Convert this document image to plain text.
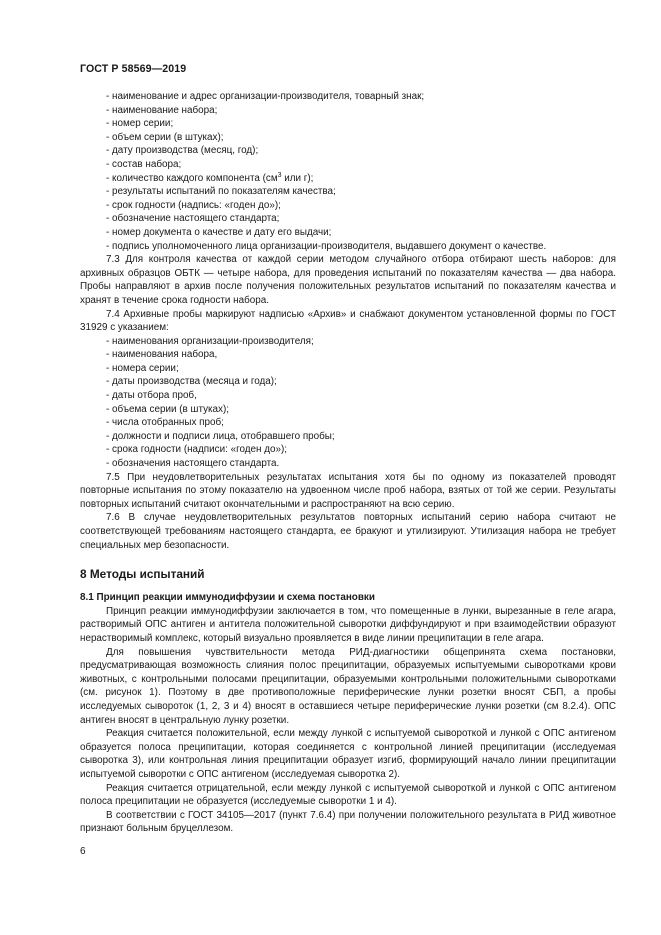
ГОСТ Р 58569—2019
- наименование и адрес организации-производителя, товарный знак;
- наименование набора;
- номер серии;
- объем серии (в штуках);
- дату производства (месяц, год);
- состав набора;
- количество каждого компонента ($см^3$ или г);
- результаты испытаний по показателям качества;
- срок годности (надпись: «годен до»);
- обозначение настоящего стандарта;
- номер документа о качестве и дату его выдачи;
- подпись уполномоченного лица организации-производителя, выдавшего документ о качестве.
7.3 Для контроля качества от каждой серии методом случайного отбора отбирают шесть наборов: для архивных образцов ОБТК — четыре набора, для проведения испытаний по показателям качества — два набора. Пробы направляют в архив после получения положительных результатов испытаний по показателям качества и хранят в течение срока годности набора.
7.4 Архивные пробы маркируют надписью «Архив» и снабжают документом установленной формы по ГОСТ 31929 с указанием:
- наименования организации-производителя;
- наименования набора,
- номера серии;
- даты производства (месяца и года);
- даты отбора проб,
- объема серии (в штуках);
- числа отобранных проб;
- должности и подписи лица, отобравшего пробы;
- срока годности (надписи: «годен до»);
- обозначения настоящего стандарта.
7.5 При неудовлетворительных результатах испытания хотя бы по одному из показателей проводят повторные испытания по этому показателю на удвоенном числе проб набора, взятых от той же серии. Результаты повторных испытаний считают окончательными и распространяют на всю серию.
7.6 В случае неудовлетворительных результатов повторных испытаний серию набора считают не соответствующей требованиям настоящего стандарта, ее бракуют и утилизируют. Утилизация набора не требует специальных мер безопасности.
8 Методы испытаний
8.1 Принцип реакции иммунодиффузии и схема постановки
Принцип реакции иммунодиффузии заключается в том, что помещенные в лунки, вырезанные в геле агара, растворимый ОПС антиген и антитела положительной сыворотки диффундируют и при взаимодействии образуют нерастворимый комплекс, который визуально проявляется в виде линии преципитации в геле агара.
Для повышения чувствительности метода РИД-диагностики общепринята схема постановки, предусматривающая возможность слияния полос преципитации, образуемых испытуемыми сыворотками крови животных, с контрольными полосами преципитации, образуемыми контрольными положительными сыворотками (см. рисунок 1). Поэтому в две противоположные периферические лунки розетки вносят СБП, а пробы исследуемых сывороток (1, 2, 3 и 4) вносят в оставшиеся четыре периферические лунки розетки (см 8.2.4). ОПС антиген вносят в центральную лунку розетки.
Реакция считается положительной, если между лункой с испытуемой сывороткой и лункой с ОПС антигеном образуется полоса преципитации, которая соединяется с контрольной линией преципитации (исследуемая сыворотка 3), или контрольная линия преципитации образует изгиб, формирующий начало линии преципитации испытуемой сыворотки с ОПС антигеном (исследуемая сыворотка 2).
Реакция считается отрицательной, если между лункой с испытуемой сывороткой и лункой с ОПС антигеном полоса преципитации не образуется (исследуемые сыворотки 1 и 4).
В соответствии с ГОСТ 34105—2017 (пункт 7.6.4) при получении положительного результата в РИД животное признают больным бруцеллезом.
6
